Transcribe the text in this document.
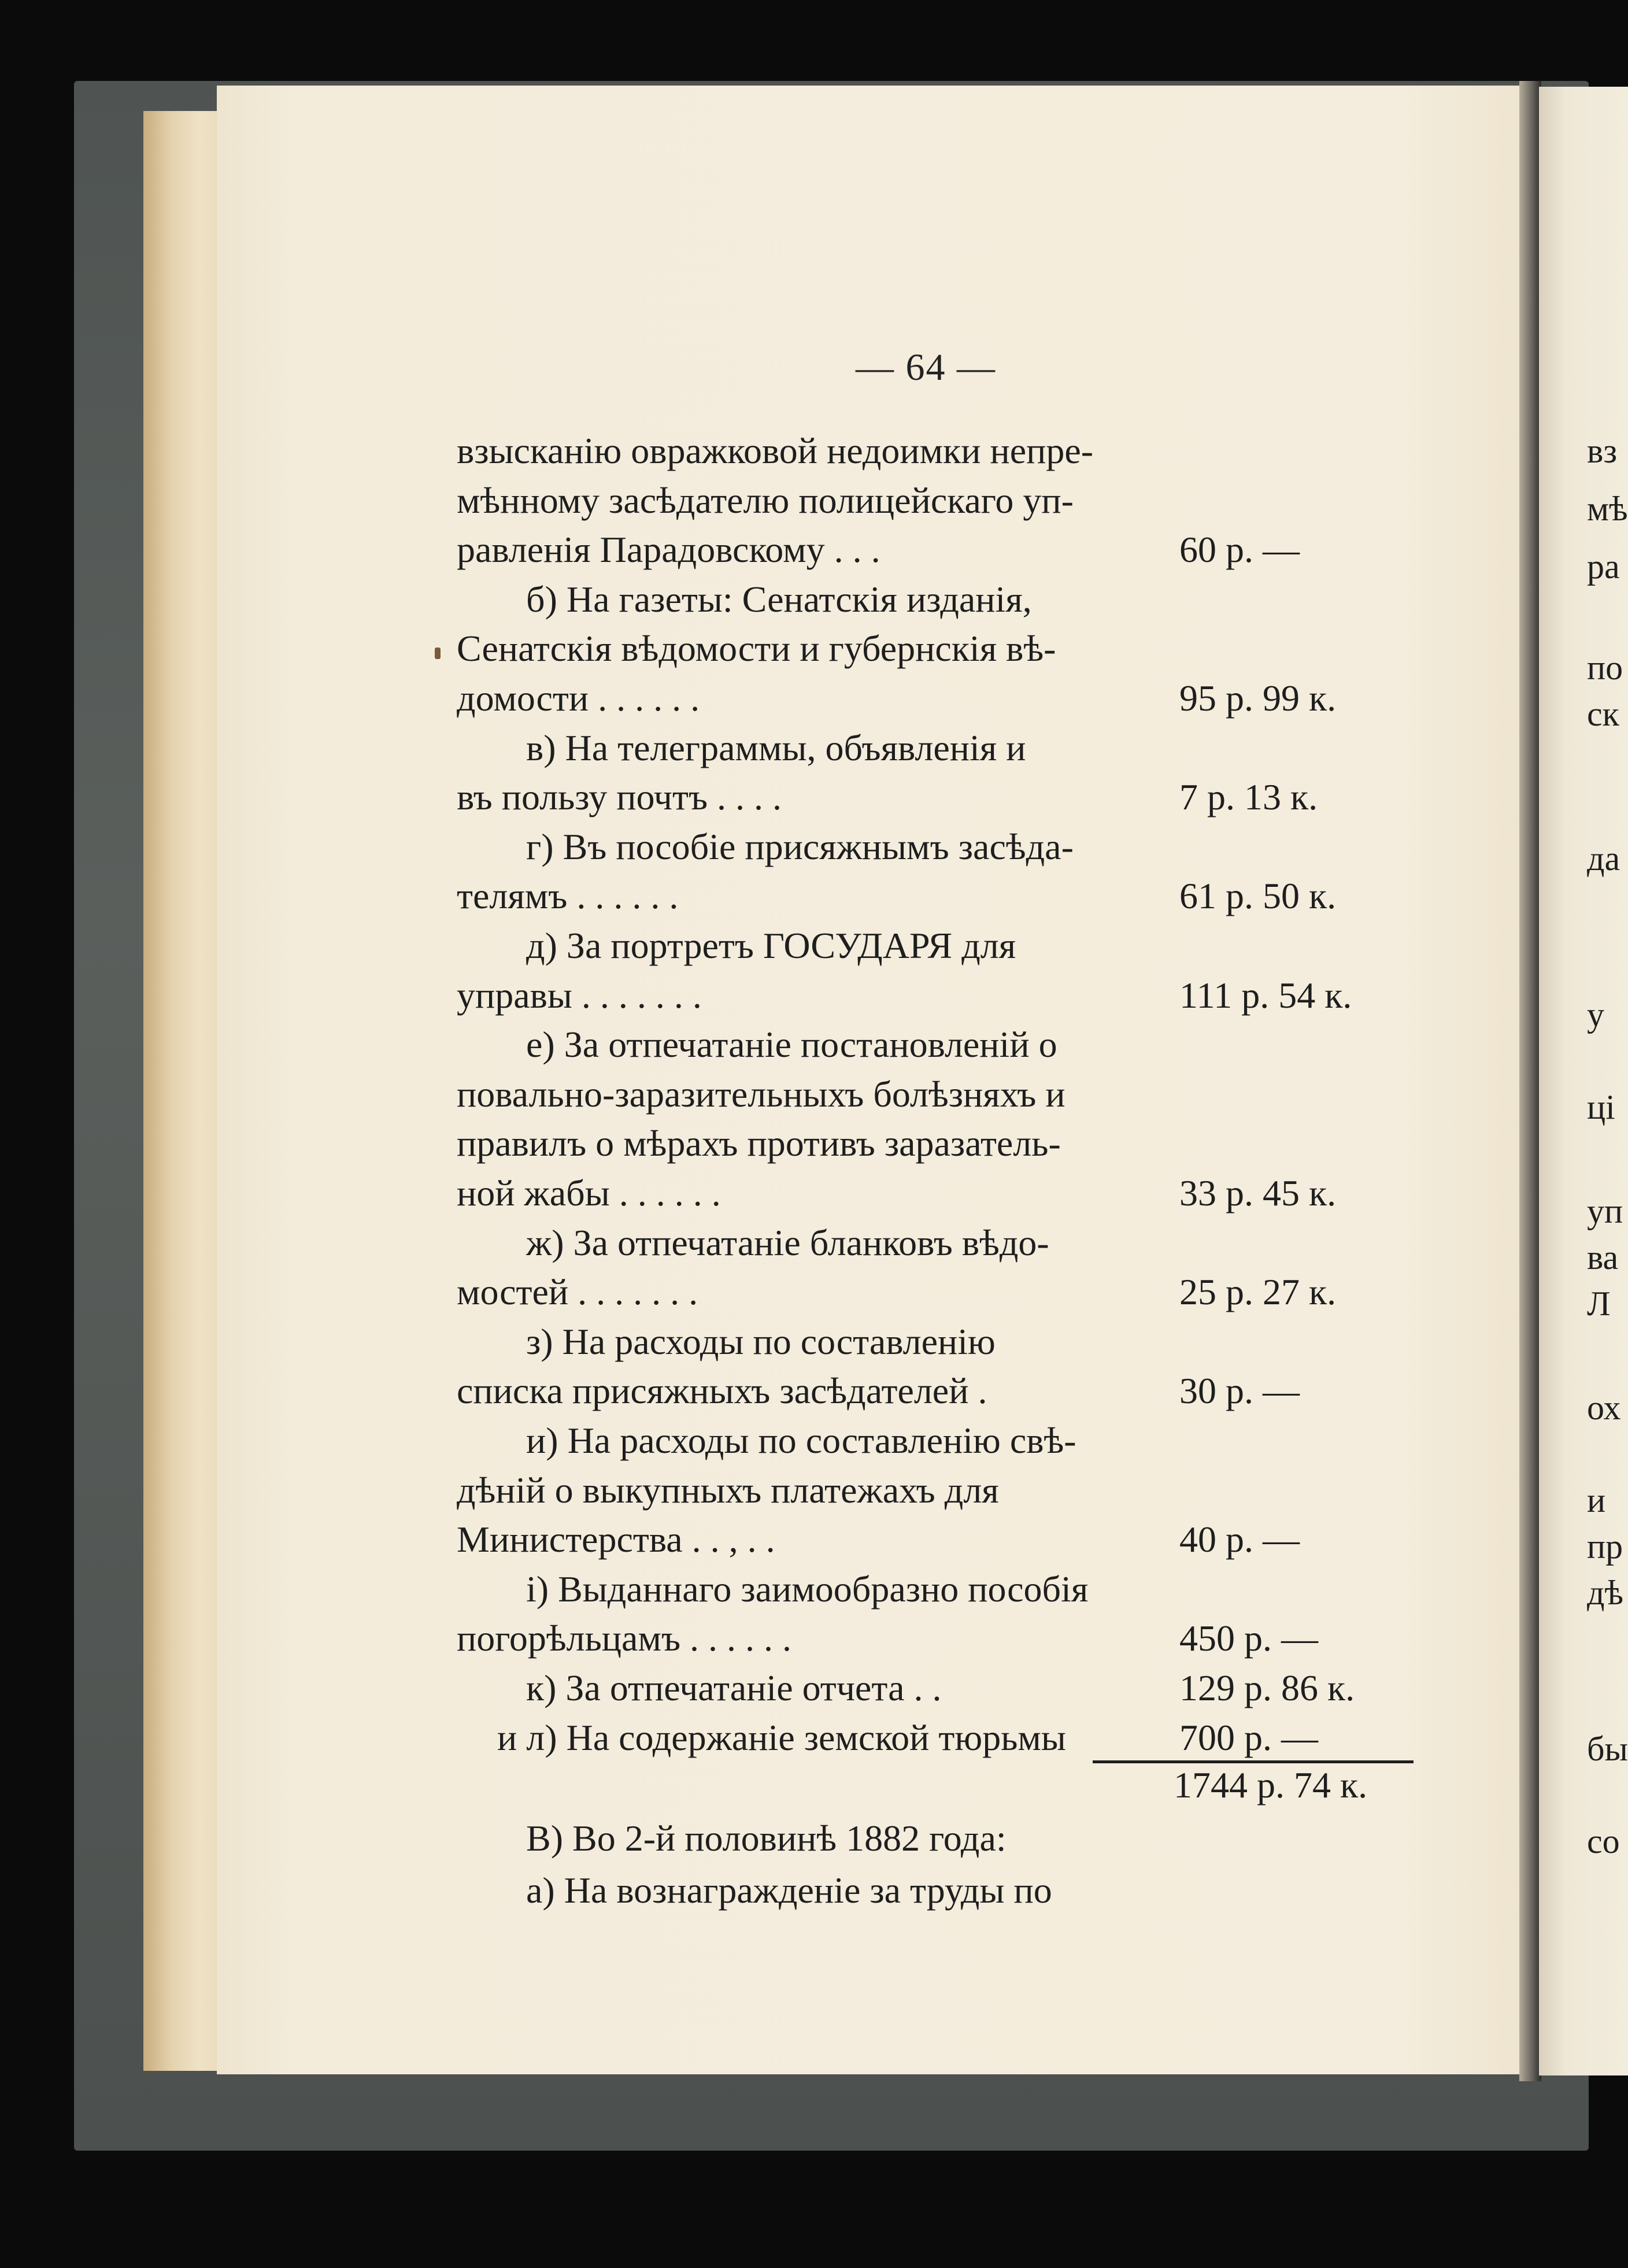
— 64 —
взысканію овражковой недоимки непре-
мѣнному засѣдателю полицейскаго уп-
равленія Парадовскому . . .	60 р. —
б) На газеты: Сенатскія изданія,
Сенатскія вѣдомости и губернскія вѣ-
домости . . . . . .	95 р. 99 к.
в) На телеграммы, объявленія и
въ пользу почтъ . . . .	7 р. 13 к.
г) Въ пособіе присяжнымъ засѣда-
телямъ . . . . . .	61 р. 50 к.
д) За портретъ ГОСУДАРЯ для
управы . . . . . . .	111 р. 54 к.
е) За отпечатаніе постановленій о
повально-заразительныхъ болѣзняхъ и
правилъ о мѣрахъ противъ заразатель-
ной жабы . . . . . .	33 р. 45 к.
ж) За отпечатаніе бланковъ вѣдо-
мостей . . . . . . .	25 р. 27 к.
з) На расходы по составленію
списка присяжныхъ засѣдателей .	30 р. —
и) На расходы по составленію свѣ-
дѣній о выкупныхъ платежахъ для
Министерства . . , . .	40 р. —
і) Выданнаго заимообразно пособія
погорѣльцамъ . . . . . .	450 р. —
к) За отпечатаніе отчета . .	129 р. 86 к.
и л) На содержаніе земской тюрьмы	700 р. —
1744 р. 74 к.
В) Во 2-й половинѣ 1882 года:
а) На вознагражденіе за труды по
вз
мѣ
ра
по
ск
да
у
ці
уп
ва
Л
ох
и
пр
дѣ
бы
со
